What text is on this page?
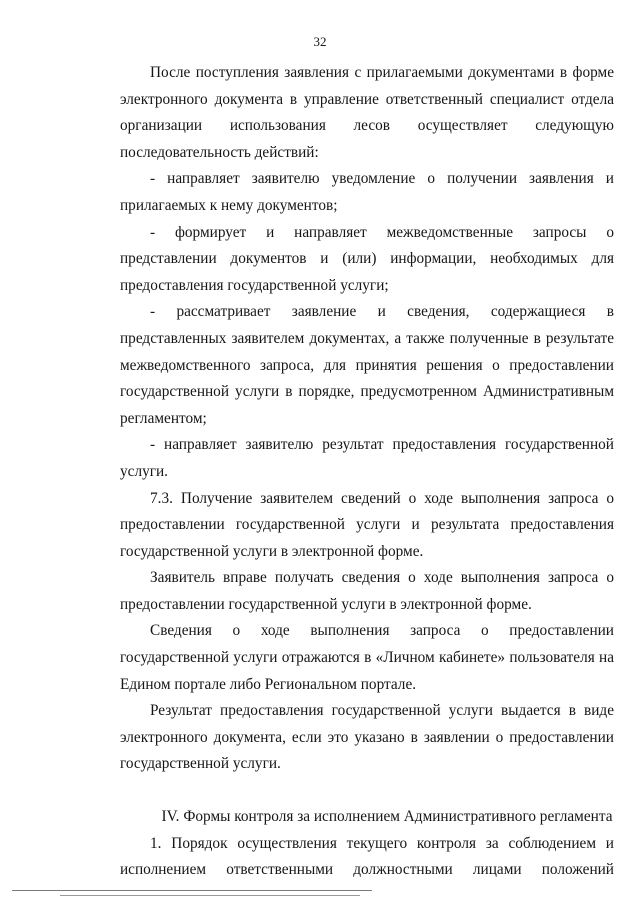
32

После поступления заявления с прилагаемыми документами в форме электронного документа в управление ответственный специалист отдела организации использования лесов осуществляет следующую последовательность действий:

- направляет заявителю уведомление о получении заявления и прилагаемых к нему документов;

- формирует и направляет межведомственные запросы о представлении документов и (или) информации, необходимых для предоставления государственной услуги;

- рассматривает заявление и сведения, содержащиеся в представленных заявителем документах, а также полученные в результате межведомственного запроса, для принятия решения о предоставлении государственной услуги в порядке, предусмотренном Административным регламентом;

- направляет заявителю результат предоставления государственной услуги.

7.3. Получение заявителем сведений о ходе выполнения запроса о предоставлении государственной услуги и результата предоставления государственной услуги в электронной форме.

Заявитель вправе получать сведения о ходе выполнения запроса о предоставлении государственной услуги в электронной форме.

Сведения о ходе выполнения запроса о предоставлении государственной услуги отражаются в «Личном кабинете» пользователя на Едином портале либо Региональном портале.

Результат предоставления государственной услуги выдается в виде электронного документа, если это указано в заявлении о предоставлении государственной услуги.

IV. Формы контроля за исполнением Административного регламента

1. Порядок осуществления текущего контроля за соблюдением и исполнением ответственными должностными лицами положений
